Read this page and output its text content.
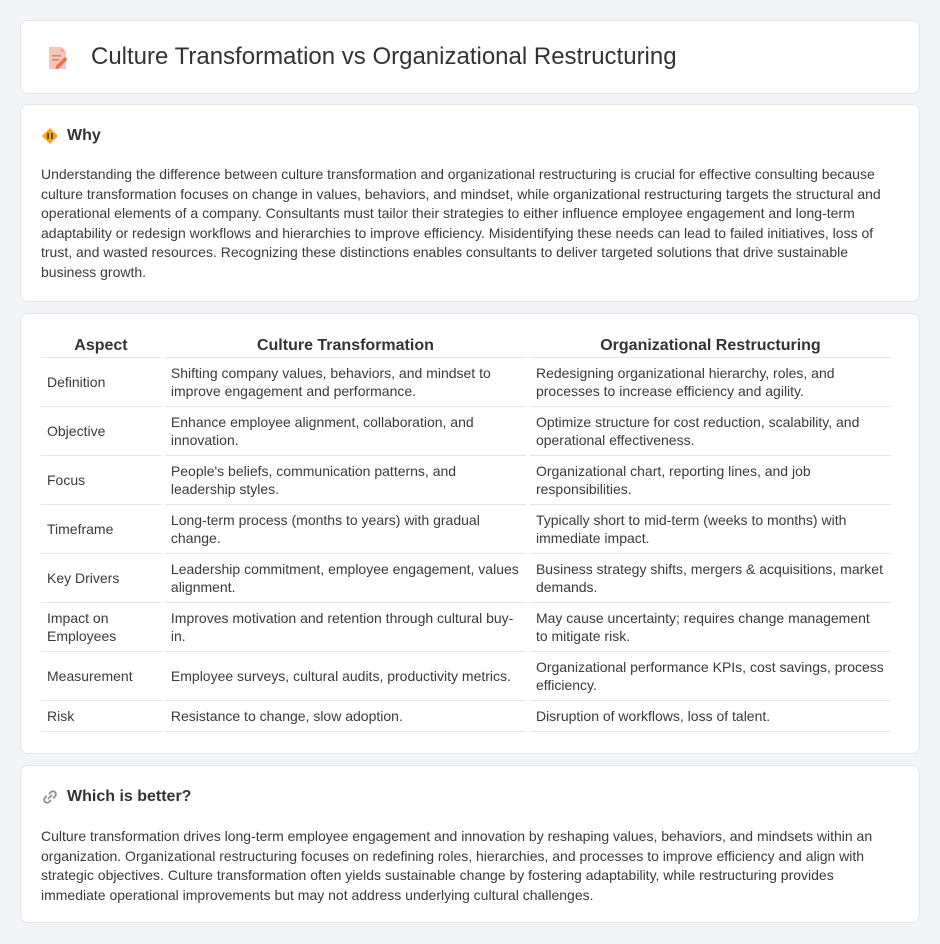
Culture Transformation vs Organizational Restructuring
Why

Understanding the difference between culture transformation and organizational restructuring is crucial for effective consulting because culture transformation focuses on change in values, behaviors, and mindset, while organizational restructuring targets the structural and operational elements of a company. Consultants must tailor their strategies to either influence employee engagement and long-term adaptability or redesign workflows and hierarchies to improve efficiency. Misidentifying these needs can lead to failed initiatives, loss of trust, and wasted resources. Recognizing these distinctions enables consultants to deliver targeted solutions that drive sustainable business growth.

Aspect	Culture Transformation	Organizational Restructuring
Definition	Shifting company values, behaviors, and mindset to improve engagement and performance.	Redesigning organizational hierarchy, roles, and processes to increase efficiency and agility.
Objective	Enhance employee alignment, collaboration, and innovation.	Optimize structure for cost reduction, scalability, and operational effectiveness.
Focus	People's beliefs, communication patterns, and leadership styles.	Organizational chart, reporting lines, and job responsibilities.
Timeframe	Long-term process (months to years) with gradual change.	Typically short to mid-term (weeks to months) with immediate impact.
Key Drivers	Leadership commitment, employee engagement, values alignment.	Business strategy shifts, mergers & acquisitions, market demands.
Impact on Employees	Improves motivation and retention through cultural buy-in.	May cause uncertainty; requires change management to mitigate risk.
Measurement	Employee surveys, cultural audits, productivity metrics.	Organizational performance KPIs, cost savings, process efficiency.
Risk	Resistance to change, slow adoption.	Disruption of workflows, loss of talent.
Which is better?

Culture transformation drives long-term employee engagement and innovation by reshaping values, behaviors, and mindsets within an organization. Organizational restructuring focuses on redefining roles, hierarchies, and processes to improve efficiency and align with strategic objectives. Culture transformation often yields sustainable change by fostering adaptability, while restructuring provides immediate operational improvements but may not address underlying cultural challenges.
